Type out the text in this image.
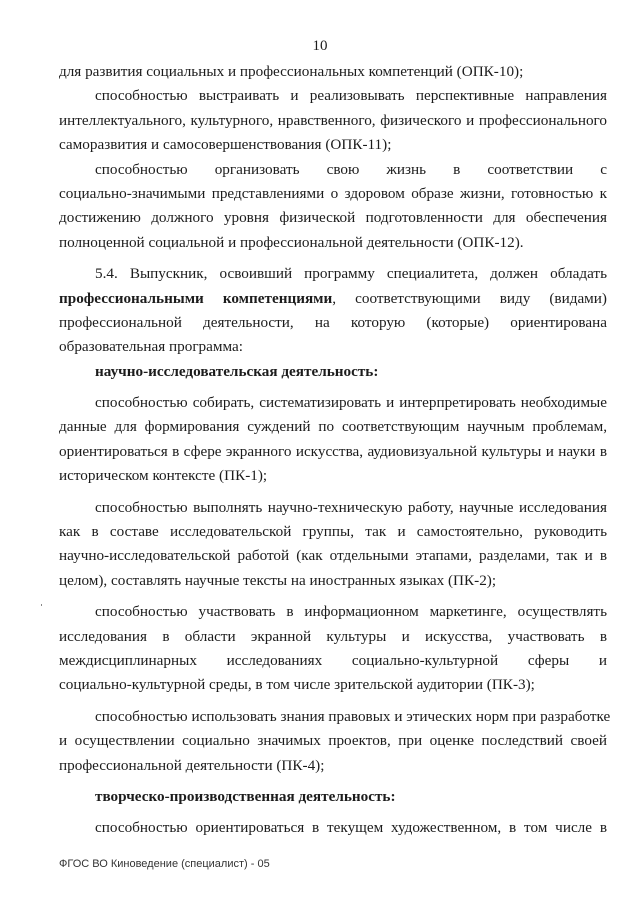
10
для развития социальных и профессиональных компетенций (ОПК-10);
способностью выстраивать и реализовывать перспективные направления
интеллектуального, культурного, нравственного, физического и профессионального
саморазвития и самосовершенствования (ОПК-11);
способностью организовать свою жизнь в соответствии с
социально-значимыми представлениями о здоровом образе жизни, готовностью к
достижению должного уровня физической подготовленности для обеспечения
полноценной социальной и профессиональной деятельности (ОПК-12).
5.4. Выпускник, освоивший программу специалитета, должен обладать
профессиональными компетенциями, соответствующими виду (видами)
профессиональной деятельности, на которую (которые) ориентирована
образовательная программа:
научно-исследовательская деятельность:
способностью собирать, систематизировать и интерпретировать необходимые
данные для формирования суждений по соответствующим научным проблемам,
ориентироваться в сфере экранного искусства, аудиовизуальной культуры и науки в
историческом контексте (ПК-1);
способностью выполнять научно-техническую работу, научные исследования
как в составе исследовательской группы, так и самостоятельно, руководить
научно-исследовательской работой (как отдельными этапами, разделами, так и в
целом), составлять научные тексты на иностранных языках (ПК-2);
способностью участвовать в информационном маркетинге, осуществлять
исследования в области экранной культуры и искусства, участвовать в
междисциплинарных исследованиях социально-культурной сферы и
социально-культурной среды, в том числе зрительской аудитории (ПК-3);
способностью использовать знания правовых и этических норм при разработке
и осуществлении социально значимых проектов, при оценке последствий своей
профессиональной деятельности (ПК-4);
творческо-производственная деятельность:
способностью ориентироваться в текущем художественном, в том числе в
ФГОС ВО Киноведение (специалист) - 05
